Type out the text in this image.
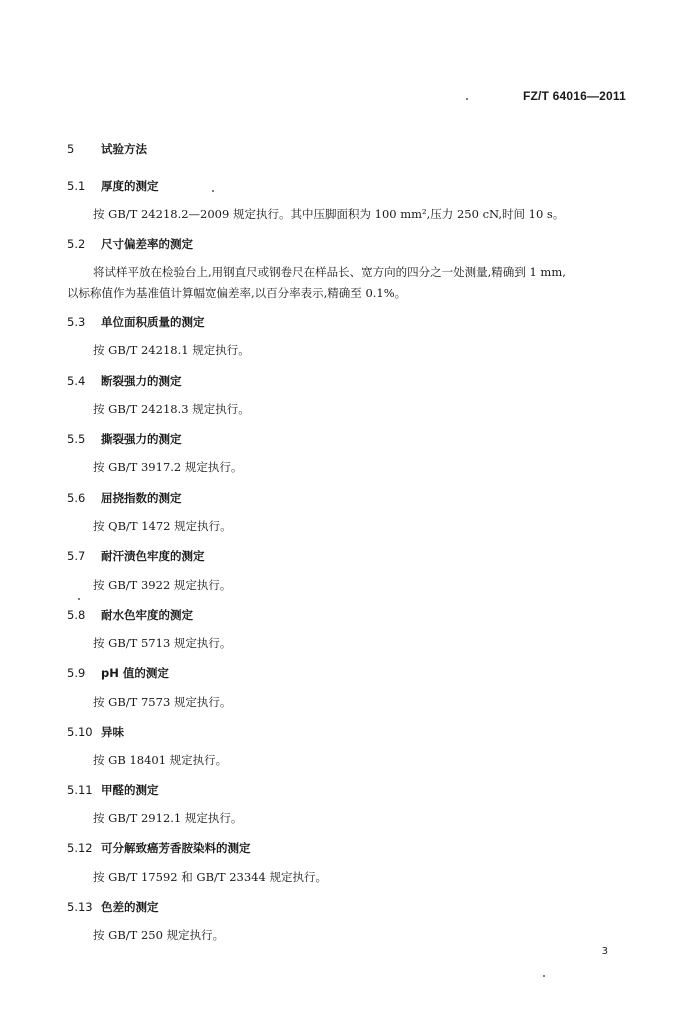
FZ/T 64016—2011
5 试验方法
5.1 厚度的测定
按 GB/T 24218.2—2009 规定执行。其中压脚面积为 100 mm²,压力 250 cN,时间 10 s。
5.2 尺寸偏差率的测定
将试样平放在检验台上,用钢直尺或钢卷尺在样品长、宽方向的四分之一处测量,精确到 1 mm,
以标称值作为基准值计算幅宽偏差率,以百分率表示,精确至 0.1%。
5.3 单位面积质量的测定
按 GB/T 24218.1 规定执行。
5.4 断裂强力的测定
按 GB/T 24218.3 规定执行。
5.5 撕裂强力的测定
按 GB/T 3917.2 规定执行。
5.6 屈挠指数的测定
按 QB/T 1472 规定执行。
5.7 耐汗渍色牢度的测定
按 GB/T 3922 规定执行。
5.8 耐水色牢度的测定
按 GB/T 5713 规定执行。
5.9 pH 值的测定
按 GB/T 7573 规定执行。
5.10 异味
按 GB 18401 规定执行。
5.11 甲醛的测定
按 GB/T 2912.1 规定执行。
5.12 可分解致癌芳香胺染料的测定
按 GB/T 17592 和 GB/T 23344 规定执行。
5.13 色差的测定
按 GB/T 250 规定执行。
3
